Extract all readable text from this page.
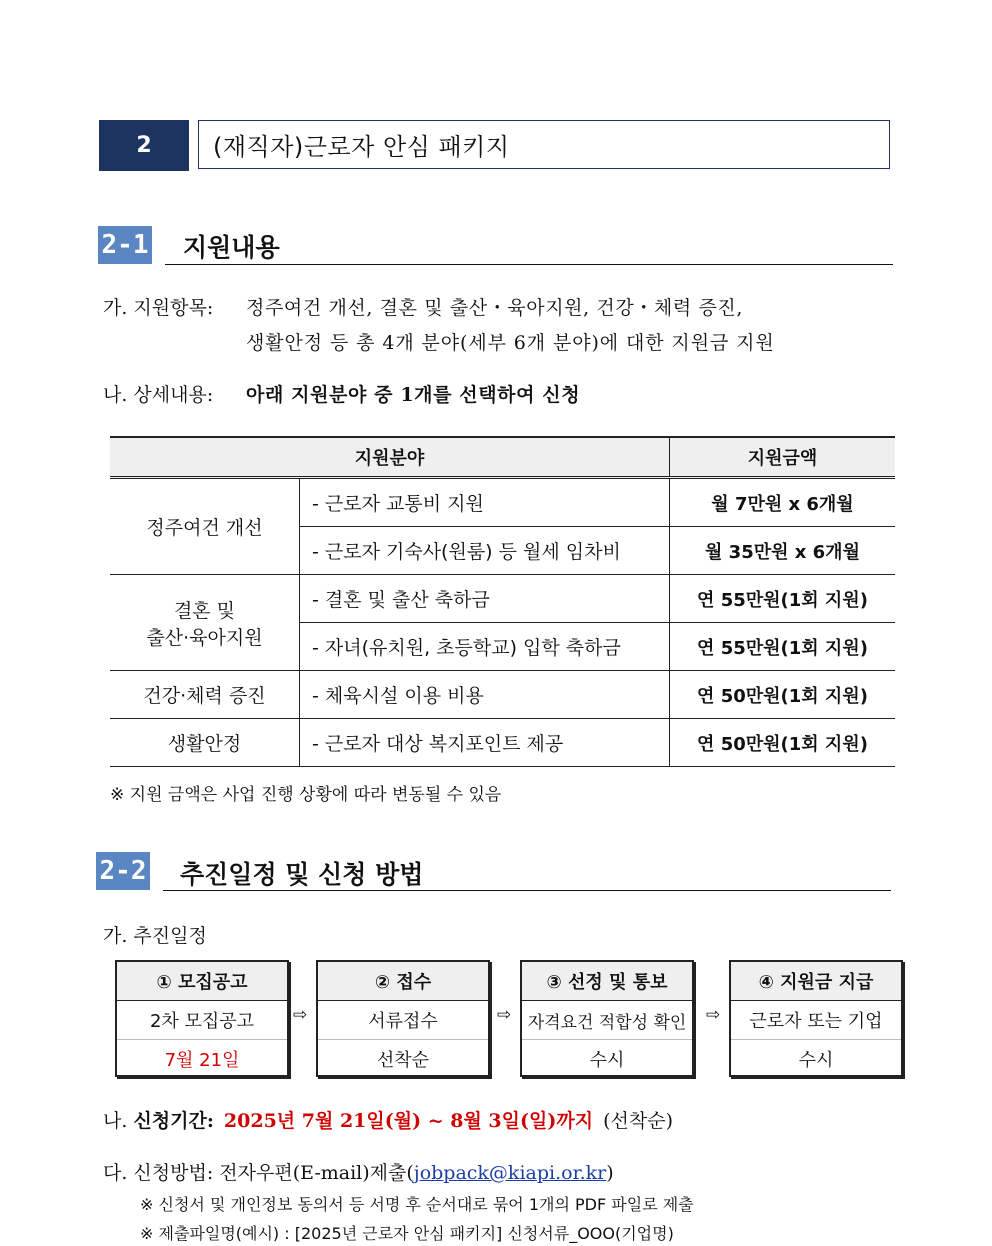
2	(재직자)근로자 안심 패키지
2-1 지원내용
가. 지원항목: 정주여건 개선, 결혼 및 출산・육아지원, 건강・체력 증진,
생활안정 등 총 4개 분야(세부 6개 분야)에 대한 지원금 지원
나. 상세내용: 아래 지원분야 중 1개를 선택하여 신청
지원분야		지원금액
정주여건 개선	- 근로자 교통비 지원	월 7만원 x 6개월
	- 근로자 기숙사(원룸) 등 월세 임차비	월 35만원 x 6개월

결혼 및
출산·육아지원	- 결혼 및 출산 축하금	연 55만원(1회 지원)
	- 자녀(유치원, 초등학교) 입학 축하금	연 55만원(1회 지원)
건강·체력 증진	- 체육시설 이용 비용	연 50만원(1회 지원)
생활안정	- 근로자 대상 복지포인트 제공	연 50만원(1회 지원)
※ 지원 금액은 사업 진행 상황에 따라 변동될 수 있음
2-2 추진일정 및 신청 방법
가. 추진일정
① 모집공고
2차 모집공고
7월 21일
⇨
② 접수
서류접수
선착순
⇨
③ 선정 및 통보
자격요건 적합성 확인
수시
⇨
④ 지원금 지급
근로자 또는 기업
수시
나. 신청기간: 2025년 7월 21일(월) ~ 8월 3일(일)까지 (선착순)
다. 신청방법: 전자우편(E-mail)제출(jobpack@kiapi.or.kr)
※ 신청서 및 개인정보 동의서 등 서명 후 순서대로 묶어 1개의 PDF 파일로 제출
※ 제출파일명(예시) : [2025년 근로자 안심 패키지] 신청서류_OOO(기업명)
